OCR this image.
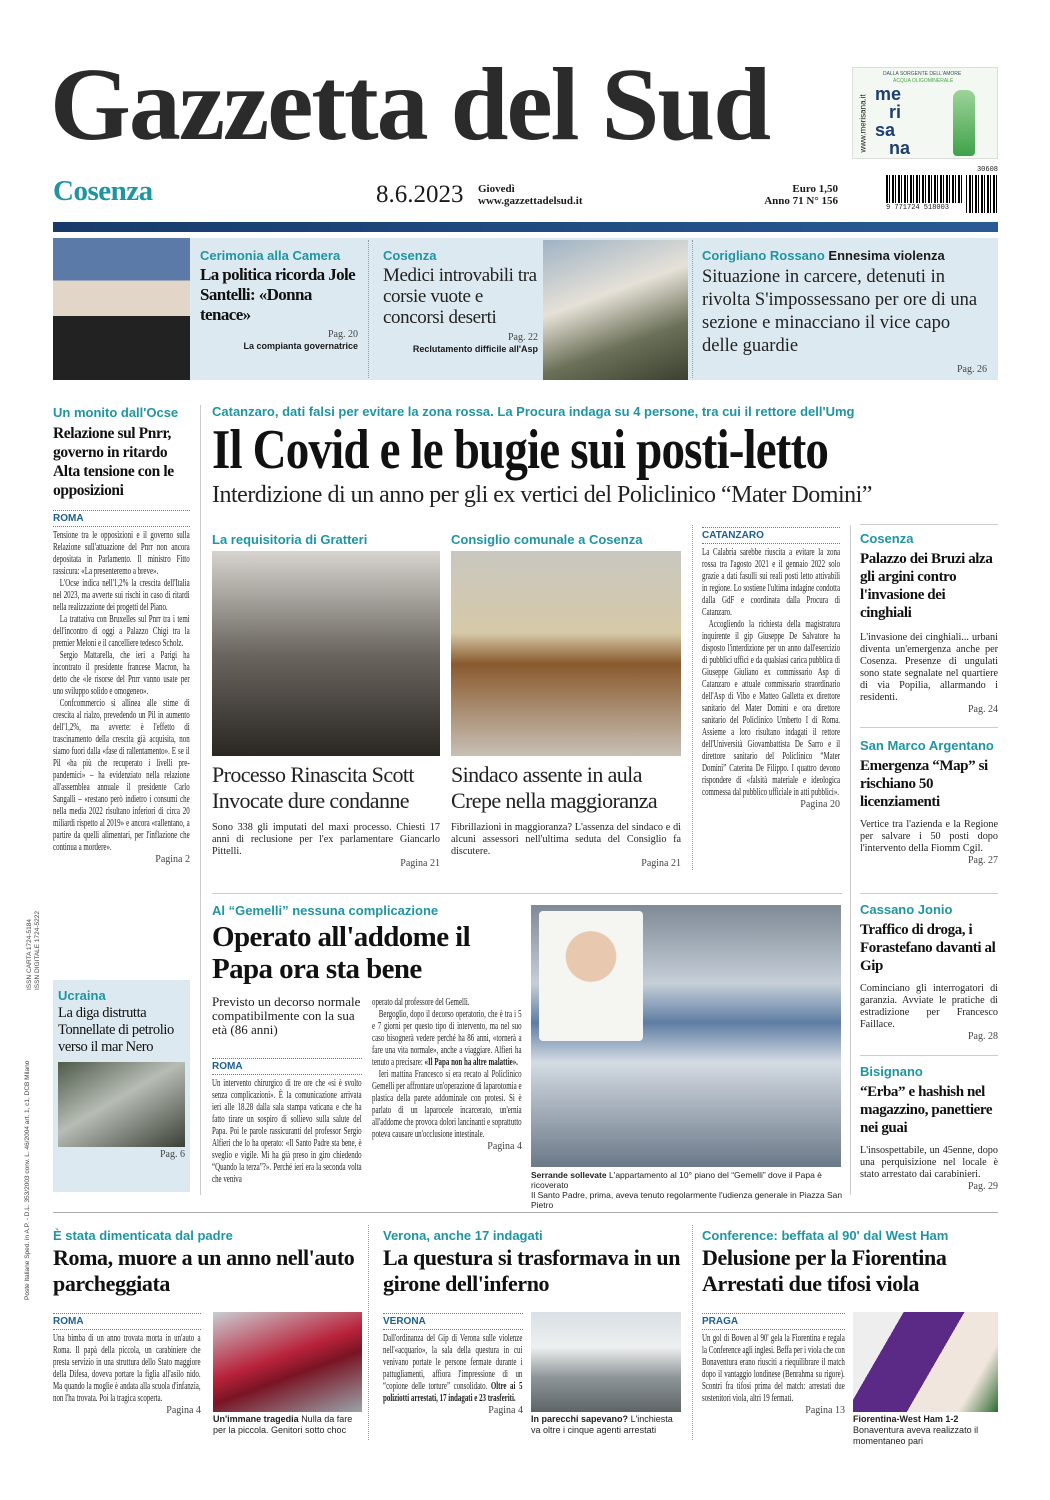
Gazzetta del Sud	www.merisana.it
DALLA SORGENTE DELL'AMORE
ACQUA OLIGOMINERALE
me
ri
sa
na
Cosenza	8.6.2023 Giovedì
www.gazzettadelsud.it
Euro 1,50
Anno 71 N° 156
30608
9 771724 518003
Cerimonia alla Camera
La politica ricorda Jole Santelli: «Donna tenace»
Pag. 20
La compianta governatrice
Cosenza
Medici introvabili tra corsie vuote e concorsi deserti
Pag. 22
Reclutamento difficile all'Asp
Corigliano Rossano Ennesima violenza
Situazione in carcere, detenuti in rivolta S'impossessano per ore di una sezione e minacciano il vice capo delle guardie
Pag. 26
Un monito dall'Ocse
Relazione sul Pnrr, governo in ritardo Alta tensione con le opposizioni
ROMA

Tensione tra le opposizioni e il governo sulla Relazione sull'attuazione del Pnrr non ancora depositata in Parlamento. Il ministro Fitto rassicura: «La presenteremo a breve».

L'Ocse indica nell'1,2% la crescita dell'Italia nel 2023, ma avverte sui rischi in caso di ritardi nella realizzazione dei progetti del Piano.

La trattativa con Bruxelles sul Pnrr tra i temi dell'incontro di oggi a Palazzo Chigi tra la premier Meloni e il cancelliere tedesco Scholz.

Sergio Mattarella, che ieri a Parigi ha incontrato il presidente francese Macron, ha detto che «le risorse del Pnrr vanno usate per uno sviluppo solido e omogeneo».

Confcommercio si allinea alle stime di crescita al rialzo, prevedendo un Pil in aumento dell'1,2%, ma avverte: è l'effetto di trascinamento della crescita già acquisita, non siamo fuori dalla «fase di rallentamento». E se il Pil «ha più che recuperato i livelli pre-pandemici» – ha evidenziato nella relazione all'assemblea annuale il presidente Carlo Sangalli – «restano però indietro i consumi che nella media 2022 risultano inferiori di circa 20 miliardi rispetto al 2019» e ancora «rallentano, a partire da quelli alimentari, per l'inflazione che continua a mordere».

Pagina 2
Ucraina
La diga distrutta Tonnellate di petrolio verso il mar Nero
Pag. 6
Poste Italiane Sped. in A.P. - D.L. 353/2003 conv. L. 46/2004 art. 1, c1, DCB Milano
ISSN CARTA 1724-5184 ISSN DIGITALE 1724-5222
Catanzaro, dati falsi per evitare la zona rossa. La Procura indaga su 4 persone, tra cui il rettore dell'Umg
Il Covid e le bugie sui posti-letto
Interdizione di un anno per gli ex vertici del Policlinico “Mater Domini”
La requisitoria di Gratteri
Processo Rinascita Scott Invocate dure condanne
Sono 338 gli imputati del maxi processo. Chiesti 17 anni di reclusione per l'ex parlamentare Giancarlo Pittelli.
Pagina 21
Consiglio comunale a Cosenza
Sindaco assente in aula Crepe nella maggioranza
Fibrillazioni in maggioranza? L'assenza del sindaco e di alcuni assessori nell'ultima seduta del Consiglio fa discutere.
Pagina 21
CATANZARO

La Calabria sarebbe riuscita a evitare la zona rossa tra l'agosto 2021 e il gennaio 2022 solo grazie a dati fasulli sui reali posti letto attivabili in regione. Lo sostiene l'ultima indagine condotta dalla GdF e coordinata dalla Procura di Catanzaro.

Accogliendo la richiesta della magistratura inquirente il gip Giuseppe De Salvatore ha disposto l'interdizione per un anno dall'esercizio di pubblici uffici e da qualsiasi carica pubblica di Giuseppe Giuliano ex commissario Asp di Catanzaro e attuale commissario straordinario dell'Asp di Vibo e Matteo Galletta ex direttore sanitario del Mater Domini e ora direttore sanitario del Policlinico Umberto I di Roma. Assieme a loro risultano indagati il rettore dell'Università Giovambattista De Sarro e il direttore sanitario del Policlinico “Mater Domini” Caterina De Filippo. I quattro devono rispondere di «falsità materiale e ideologica commessa dal pubblico ufficiale in atti pubblici».

Pagina 20
Cosenza
Palazzo dei Bruzi alza gli argini contro l'invasione dei cinghiali
L'invasione dei cinghiali... urbani diventa un'emergenza anche per Cosenza. Presenze di ungulati sono state segnalate nel quartiere di via Popilia, allarmando i residenti.
Pag. 24
San Marco Argentano
Emergenza “Map” si rischiano 50 licenziamenti
Vertice tra l'azienda e la Regione per salvare i 50 posti dopo l'intervento della Fiomm Cgil.
Pag. 27
Cassano Jonio
Traffico di droga, i Forastefano davanti al Gip
Cominciano gli interrogatori di garanzia. Avviate le pratiche di estradizione per Francesco Faillace.
Pag. 28
Bisignano
“Erba” e hashish nel magazzino, panettiere nei guai
L'insospettabile, un 45enne, dopo una perquisizione nel locale è stato arrestato dai carabinieri.
Pag. 29
Al “Gemelli” nessuna complicazione
Operato all'addome il Papa ora sta bene
Previsto un decorso normale compatibilmente con la sua età (86 anni)
ROMA
Un intervento chirurgico di tre ore che «si è svolto senza complicazioni». È la comunicazione arrivata ieri alle 18.28 dalla sala stampa vaticana e che ha fatto tirare un sospiro di sollievo sulla salute del Papa. Poi le parole rassicuranti del professor Sergio Alfieri che lo ha operato: «Il Santo Padre sta bene, è sveglio e vigile. Mi ha già preso in giro chiedendo “Quando la terza”?». Perché ieri era la seconda volta che veniva

operato dal professore del Gemelli.

Bergoglio, dopo il decorso operatorio, che è tra i 5 e 7 giorni per questo tipo di intervento, ma nel suo caso bisognerà vedere perché ha 86 anni, «tornerà a fare una vita normale», anche a viaggiare. Alfieri ha tenuto a precisare: «Il Papa non ha altre malattie».

Ieri mattina Francesco si era recato al Policlinico Gemelli per affrontare un'operazione di laparotomia e plastica della parete addominale con protesi. Si è parlato di un laparocele incarcerato, un'ernia all'addome che provoca dolori lancinanti e soprattutto poteva causare un'occlusione intestinale.

Pagina 4
Serrande sollevate L'appartamento al 10° piano del “Gemelli” dove il Papa è ricoverato
Il Santo Padre, prima, aveva tenuto regolarmente l'udienza generale in Piazza San Pietro
È stata dimenticata dal padre
Roma, muore a un anno nell'auto parcheggiata
ROMA
Una bimba di un anno trovata morta in un'auto a Roma. Il papà della piccola, un carabiniere che presta servizio in una struttura dello Stato maggiore della Difesa, doveva portare la figlia all'asilo nido. Ma quando la moglie è andata alla scuola d'infanzia, non l'ha trovata. Poi la tragica scoperta.
Pagina 4
Un'immane tragedia Nulla da fare per la piccola. Genitori sotto choc
Verona, anche 17 indagati
La questura si trasformava in un girone dell'inferno
VERONA
Dall'ordinanza del Gip di Verona sulle violenze nell'«acquario», la sala della questura in cui venivano portate le persone fermate durante i pattugliamenti, affiora l'impressione di un “copione delle torture” consolidato. Oltre ai 5 poliziotti arrestati, 17 indagati e 23 trasferiti.
Pagina 4
In parecchi sapevano? L'inchiesta va oltre i cinque agenti arrestati
Conference: beffata al 90' dal West Ham
Delusione per la Fiorentina Arrestati due tifosi viola
PRAGA
Un gol di Bowen al 90' gela la Fiorentina e regala la Conference agli inglesi. Beffa per i viola che con Bonaventura erano riusciti a riequilibrare il match dopo il vantaggio londinese (Benrahma su rigore). Scontri fra tifosi prima del match: arrestati due sostenitori viola, altri 19 fermati.
Pagina 13
Fiorentina-West Ham 1-2 Bonaventura aveva realizzato il momentaneo pari
